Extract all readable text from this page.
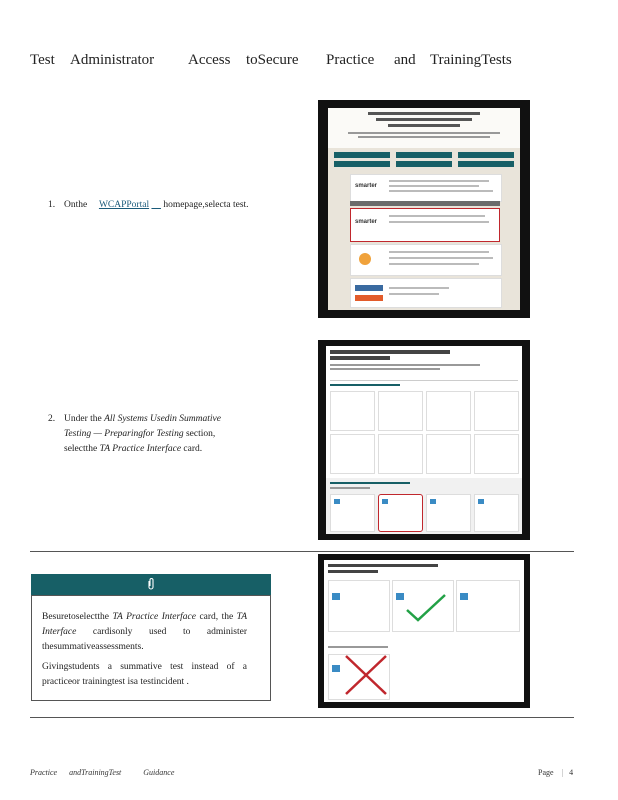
Test	Administrator	Access	toSecure	Practice	and TrainingTests
1. Onthe WCAPPortal homepage,selecta test.
2. Under the All Systems Usedin Summative Testing — Preparingfor Testing section, selectthe TA Practice Interface card.
smarter
smarter
Besuretoselectthe TA Practice Interface card, the TA Interface cardisonly used to administer thesummativeassessments.
Givingstudents a summative test instead of a practiceor trainingtest isa testincident .
Practice andTrainingTest	Guidance	Page | 4
